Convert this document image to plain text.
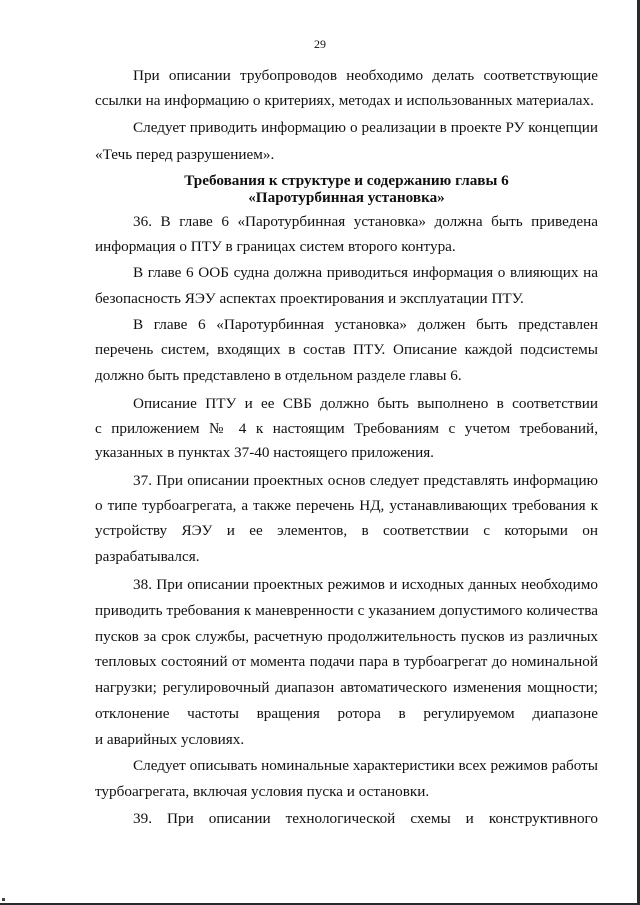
29
При описании трубопроводов необходимо делать соответствующие
ссылки на информацию о критериях, методах и использованных материалах.
Следует приводить информацию о реализации в проекте РУ концепции
«Течь перед разрушением».
Требования к структуре и содержанию главы 6
«Паротурбинная установка»
36. В главе 6 «Паротурбинная установка» должна быть приведена
информация о ПТУ в границах систем второго контура.
В главе 6 ООБ судна должна приводиться информация о влияющих на
безопасность ЯЭУ аспектах проектирования и эксплуатации ПТУ.
В главе 6 «Паротурбинная установка» должен быть представлен
перечень систем, входящих в состав ПТУ. Описание каждой подсистемы
должно быть представлено в отдельном разделе главы 6.
Описание ПТУ и ее СВБ должно быть выполнено в соответствии
с приложением № 4 к настоящим Требованиям с учетом требований,
указанных в пунктах 37-40 настоящего приложения.
37. При описании проектных основ следует представлять информацию
о типе турбоагрегата, а также перечень НД, устанавливающих требования к
устройству ЯЭУ и ее элементов, в соответствии с которыми он
разрабатывался.
38. При описании проектных режимов и исходных данных необходимо
приводить требования к маневренности с указанием допустимого количества
пусков за срок службы, расчетную продолжительность пусков из различных
тепловых состояний от момента подачи пара в турбоагрегат до номинальной
нагрузки; регулировочный диапазон автоматического изменения мощности;
отклонение частоты вращения ротора в регулируемом диапазоне
и аварийных условиях.
Следует описывать номинальные характеристики всех режимов работы
турбоагрегата, включая условия пуска и остановки.
39. При описании технологической схемы и конструктивного
